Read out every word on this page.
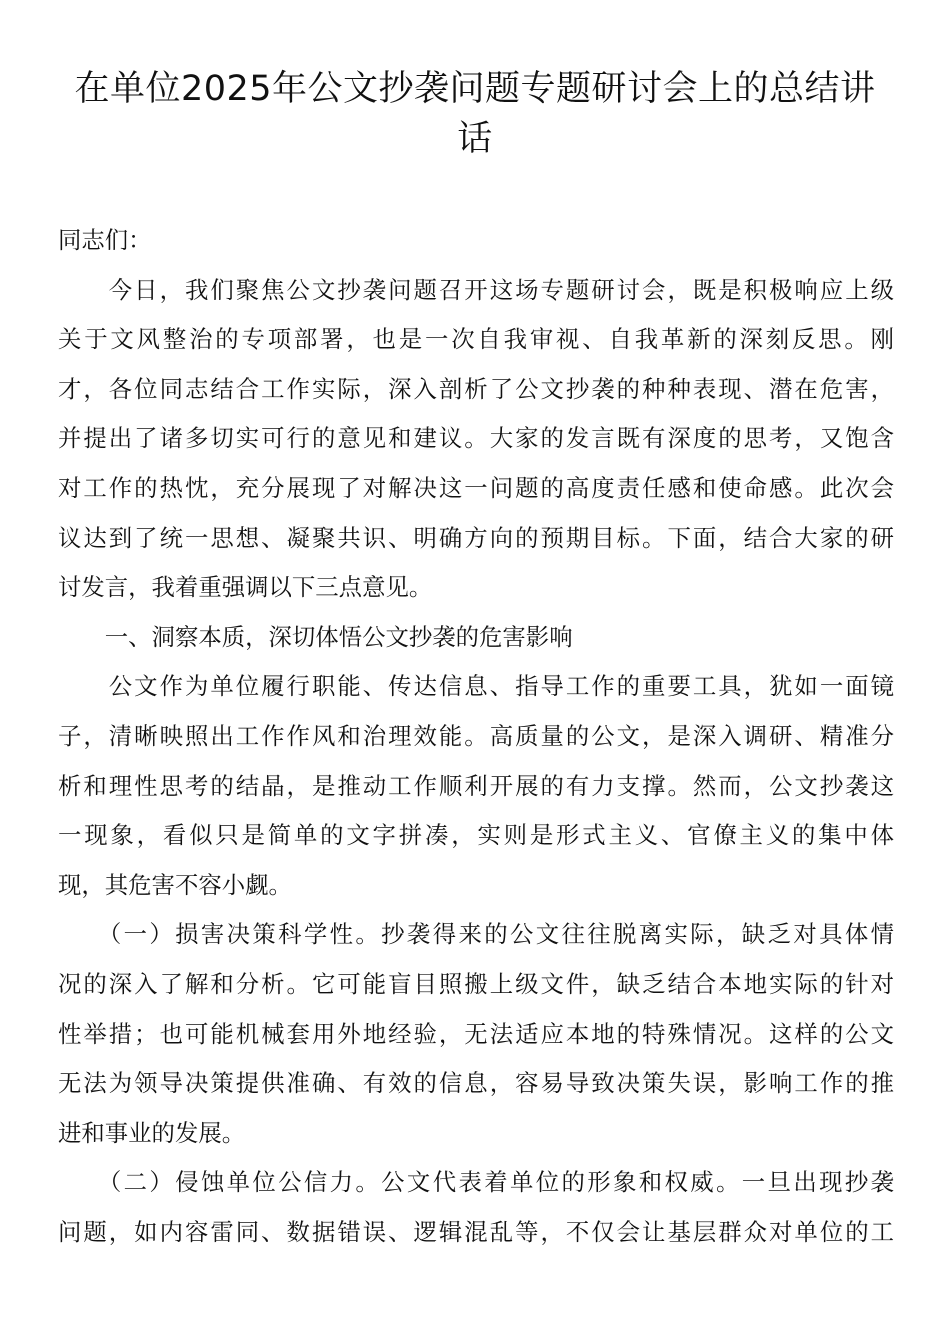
在单位2025年公文抄袭问题专题研讨会上的总结讲
话

同志们：

　　今日，我们聚焦公文抄袭问题召开这场专题研讨会，既是积极响应上级
关于文风整治的专项部署，也是一次自我审视、自我革新的深刻反思。刚
才，各位同志结合工作实际，深入剖析了公文抄袭的种种表现、潜在危害，
并提出了诸多切实可行的意见和建议。大家的发言既有深度的思考，又饱含
对工作的热忱，充分展现了对解决这一问题的高度责任感和使命感。此次会
议达到了统一思想、凝聚共识、明确方向的预期目标。下面，结合大家的研
讨发言，我着重强调以下三点意见。

　　一、洞察本质，深切体悟公文抄袭的危害影响

　　公文作为单位履行职能、传达信息、指导工作的重要工具，犹如一面镜
子，清晰映照出工作作风和治理效能。高质量的公文，是深入调研、精准分
析和理性思考的结晶，是推动工作顺利开展的有力支撑。然而，公文抄袭这
一现象，看似只是简单的文字拼凑，实则是形式主义、官僚主义的集中体
现，其危害不容小觑。

　　（一）损害决策科学性。抄袭得来的公文往往脱离实际，缺乏对具体情
况的深入了解和分析。它可能盲目照搬上级文件，缺乏结合本地实际的针对
性举措；也可能机械套用外地经验，无法适应本地的特殊情况。这样的公文
无法为领导决策提供准确、有效的信息，容易导致决策失误，影响工作的推
进和事业的发展。

　　（二）侵蚀单位公信力。公文代表着单位的形象和权威。一旦出现抄袭
问题，如内容雷同、数据错误、逻辑混乱等，不仅会让基层群众对单位的工
